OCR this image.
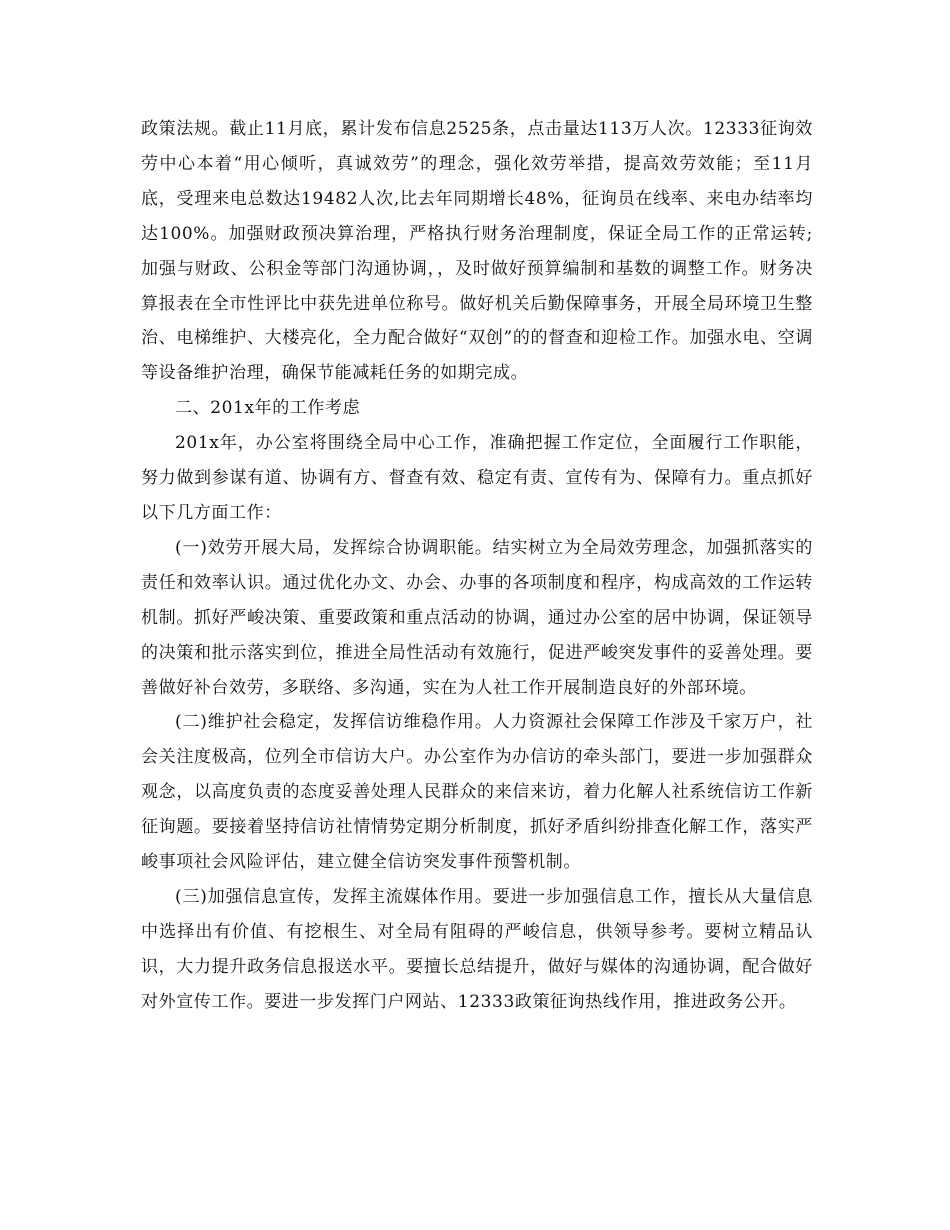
政策法规。截止11月底，累计发布信息2525条，点击量达113万人次。12333征询效劳中心本着“用心倾听，真诚效劳”的理念，强化效劳举措，提高效劳效能；至11月底，受理来电总数达19482人次,比去年同期增长48%，征询员在线率、来电办结率均达100%。加强财政预决算治理，严格执行财务治理制度，保证全局工作的正常运转;加强与财政、公积金等部门沟通协调，，及时做好预算编制和基数的调整工作。财务决算报表在全市性评比中获先进单位称号。做好机关后勤保障事务，开展全局环境卫生整治、电梯维护、大楼亮化，全力配合做好“双创”的的督查和迎检工作。加强水电、空调等设备维护治理，确保节能减耗任务的如期完成。

二、201x年的工作考虑

201x年，办公室将围绕全局中心工作，准确把握工作定位，全面履行工作职能，努力做到参谋有道、协调有方、督查有效、稳定有责、宣传有为、保障有力。重点抓好以下几方面工作：

(一)效劳开展大局，发挥综合协调职能。结实树立为全局效劳理念，加强抓落实的责任和效率认识。通过优化办文、办会、办事的各项制度和程序，构成高效的工作运转机制。抓好严峻决策、重要政策和重点活动的协调，通过办公室的居中协调，保证领导的决策和批示落实到位，推进全局性活动有效施行，促进严峻突发事件的妥善处理。要善做好补台效劳，多联络、多沟通，实在为人社工作开展制造良好的外部环境。

(二)维护社会稳定，发挥信访维稳作用。人力资源社会保障工作涉及千家万户，社会关注度极高，位列全市信访大户。办公室作为办信访的牵头部门，要进一步加强群众观念，以高度负责的态度妥善处理人民群众的来信来访，着力化解人社系统信访工作新征询题。要接着坚持信访社情情势定期分析制度，抓好矛盾纠纷排查化解工作，落实严峻事项社会风险评估，建立健全信访突发事件预警机制。

(三)加强信息宣传，发挥主流媒体作用。要进一步加强信息工作，擅长从大量信息中选择出有价值、有挖根生、对全局有阻碍的严峻信息，供领导参考。要树立精品认识，大力提升政务信息报送水平。要擅长总结提升，做好与媒体的沟通协调，配合做好对外宣传工作。要进一步发挥门户网站、12333政策征询热线作用，推进政务公开。
